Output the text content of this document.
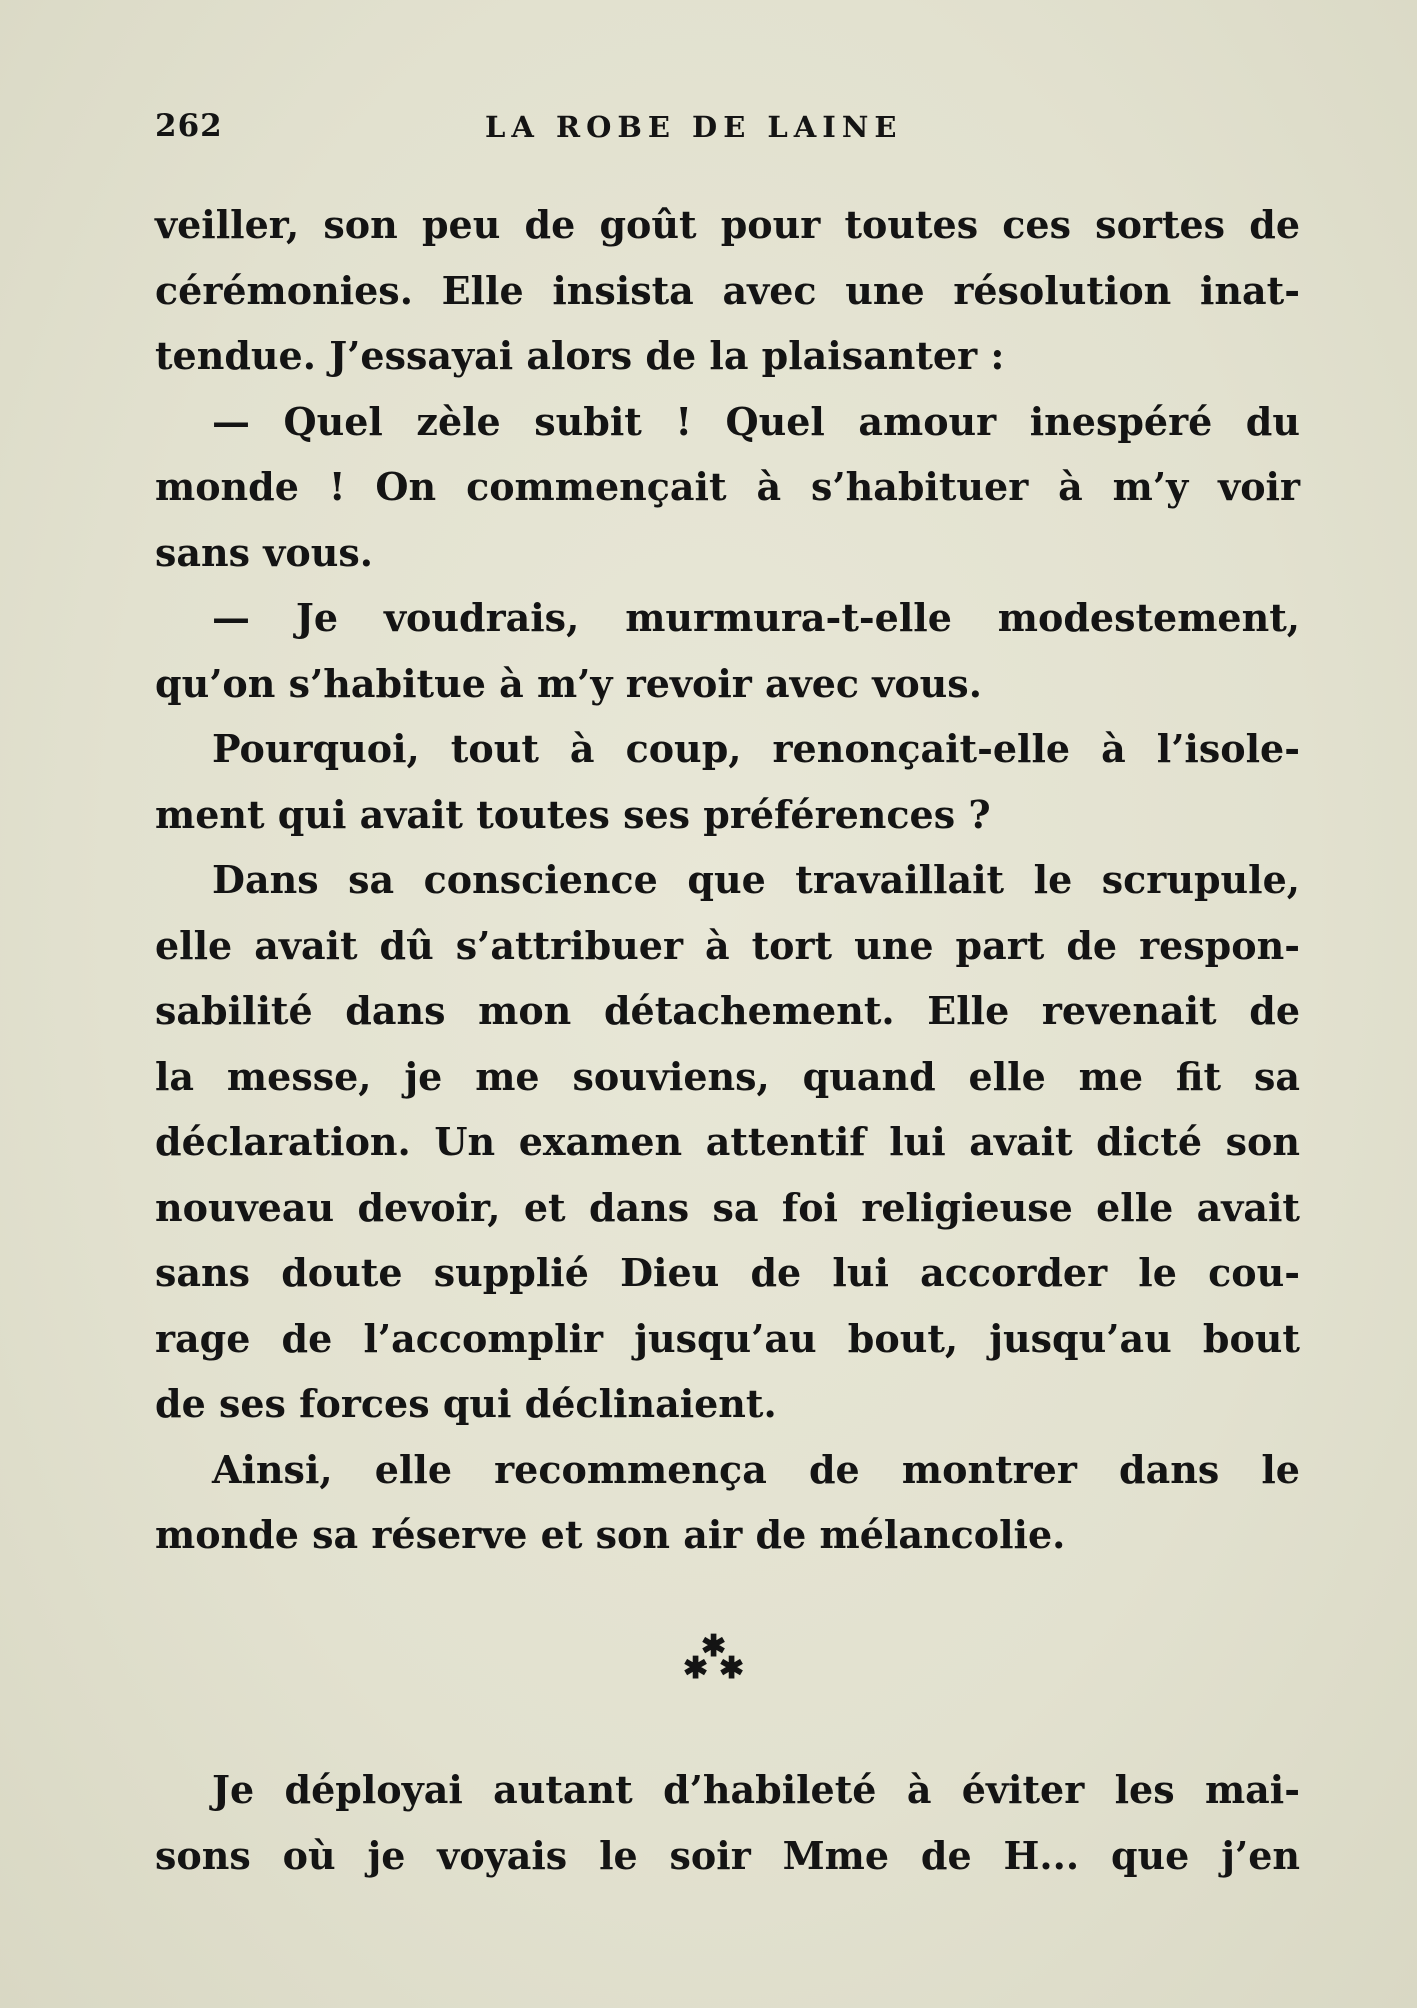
262	LA ROBE DE LAINE
veiller, son peu de goût pour toutes ces sortes de
cérémonies. Elle insista avec une résolution inat-
tendue. J’essayai alors de la plaisanter :
— Quel zèle subit ! Quel amour inespéré du
monde ! On commençait à s’habituer à m’y voir
sans vous.
— Je voudrais, murmura-t-elle modestement,
qu’on s’habitue à m’y revoir avec vous.
Pourquoi, tout à coup, renonçait-elle à l’isole-
ment qui avait toutes ses préférences ?
Dans sa conscience que travaillait le scrupule,
elle avait dû s’attribuer à tort une part de respon-
sabilité dans mon détachement. Elle revenait de
la messe, je me souviens, quand elle me fit sa
déclaration. Un examen attentif lui avait dicté son
nouveau devoir, et dans sa foi religieuse elle avait
sans doute supplié Dieu de lui accorder le cou-
rage de l’accomplir jusqu’au bout, jusqu’au bout
de ses forces qui déclinaient.
Ainsi, elle recommença de montrer dans le
monde sa réserve et son air de mélancolie.
✱
✱ ✱
Je déployai autant d’habileté à éviter les mai-
sons où je voyais le soir Mme de H... que j’en
